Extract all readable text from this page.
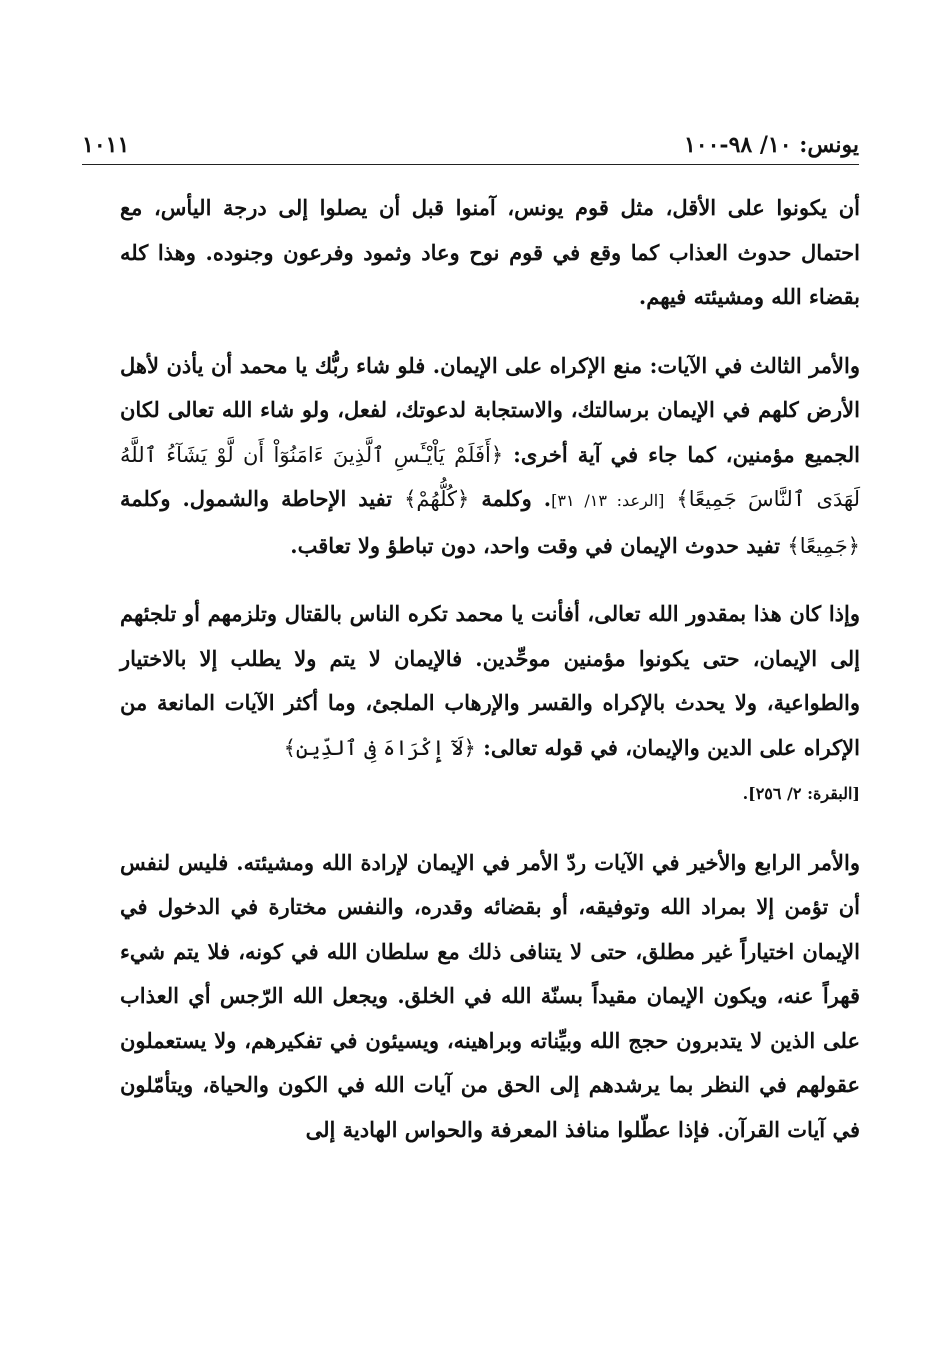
يونس: ١٠/ ٩٨-١٠٠
١٠١١

أن يكونوا على الأقل، مثل قوم يونس، آمنوا قبل أن يصلوا إلى درجة اليأس، مع احتمال حدوث العذاب كما وقع في قوم نوح وعاد وثمود وفرعون وجنوده. وهذا كله بقضاء الله ومشيئته فيهم.

والأمر الثالث في الآيات: منع الإكراه على الإيمان. فلو شاء ربُّك يا محمد أن يأذن لأهل الأرض كلهم في الإيمان برسالتك، والاستجابة لدعوتك، لفعل، ولو شاء الله تعالى لكان الجميع مؤمنين، كما جاء في آية أخرى: ﴿أَفَلَمْ يَاْيْـَٔسِ ٱلَّذِينَ ءَامَنُوٓاْ أَن لَّوْ يَشَآءُ ٱللَّهُ لَهَدَى ٱلنَّاسَ جَمِيعًا﴾ [الرعد: ١٣/ ٣١]. وكلمة ﴿كُلُّهُمْ﴾ تفيد الإحاطة والشمول. وكلمة ﴿جَمِيعًا﴾ تفيد حدوث الإيمان في وقت واحد، دون تباطؤ ولا تعاقب.

وإذا كان هذا بمقدور الله تعالى، أفأنت يا محمد تكره الناس بالقتال وتلزمهم أو تلجئهم إلى الإيمان، حتى يكونوا مؤمنين موحِّدين. فالإيمان لا يتم ولا يطلب إلا بالاختيار والطواعية، ولا يحدث بالإكراه والقسر والإرهاب الملجئ، وما أكثر الآيات المانعة من الإكراه على الدين والإيمان، في قوله تعالى: ﴿لَآ إِكْرَاهَ فِى ٱلدِّينِ﴾
[البقرة: ٢/ ٢٥٦].

والأمر الرابع والأخير في الآيات ردّ الأمر في الإيمان لإرادة الله ومشيئته. فليس لنفس أن تؤمن إلا بمراد الله وتوفيقه، أو بقضائه وقدره، والنفس مختارة في الدخول في الإيمان اختياراً غير مطلق، حتى لا يتنافى ذلك مع سلطان الله في كونه، فلا يتم شيء قهراً عنه، ويكون الإيمان مقيداً بسنّة الله في الخلق. ويجعل الله الرّجس أي العذاب على الذين لا يتدبرون حجج الله وبيِّناته وبراهينه، ويسيئون في تفكيرهم، ولا يستعملون عقولهم في النظر بما يرشدهم إلى الحق من آيات الله في الكون والحياة، ويتأمّلون في آيات القرآن. فإذا عطّلوا منافذ المعرفة والحواس الهادية إلى
